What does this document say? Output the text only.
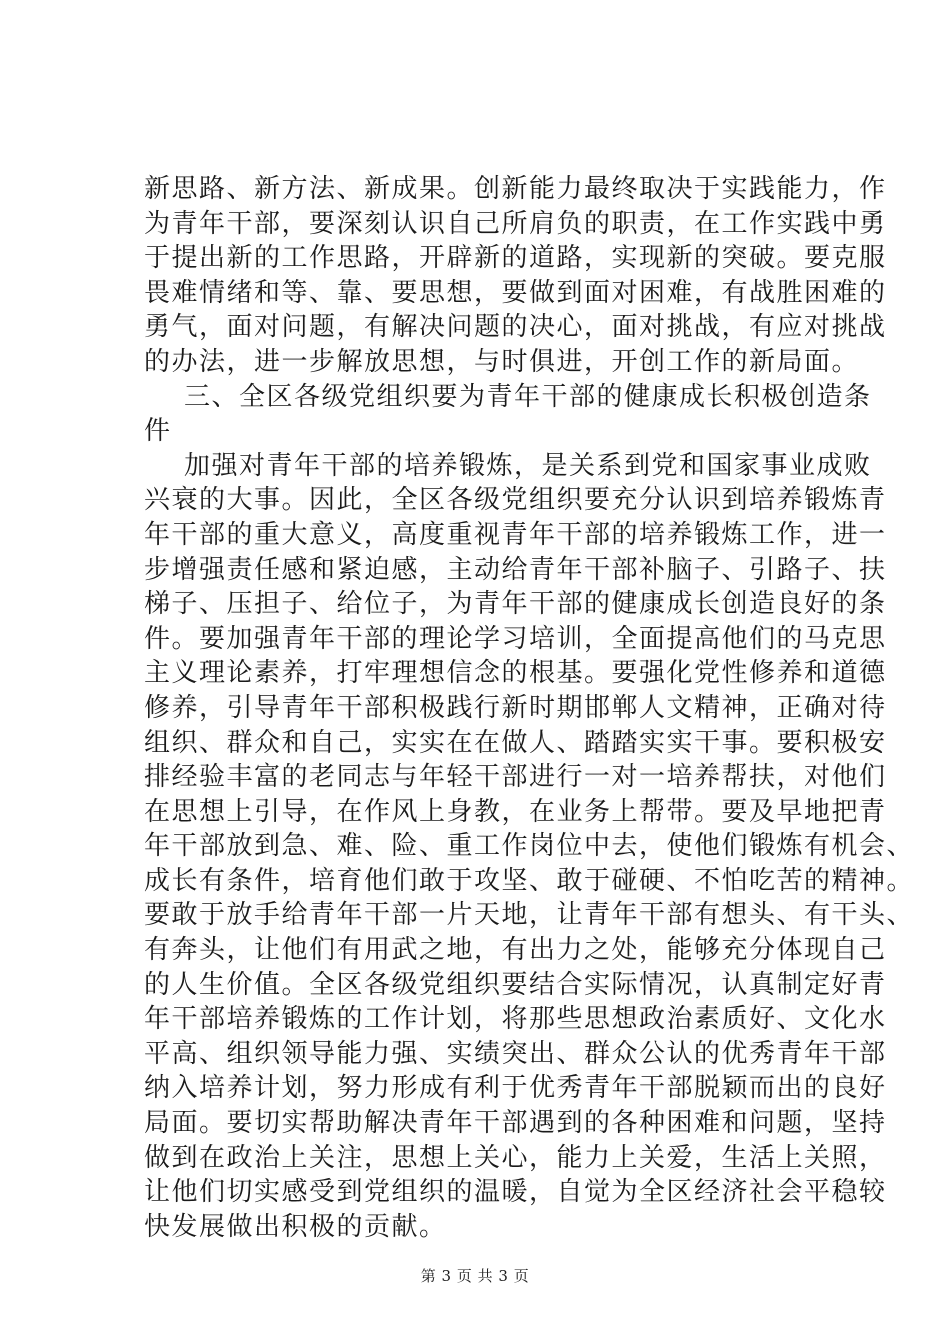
新思路、新方法、新成果。创新能力最终取决于实践能力，作
为青年干部，要深刻认识自己所肩负的职责，在工作实践中勇
于提出新的工作思路，开辟新的道路，实现新的突破。要克服
畏难情绪和等、靠、要思想，要做到面对困难，有战胜困难的
勇气，面对问题，有解决问题的决心，面对挑战，有应对挑战
的办法，进一步解放思想，与时俱进，开创工作的新局面。
三、全区各级党组织要为青年干部的健康成长积极创造条
件
加强对青年干部的培养锻炼，是关系到党和国家事业成败
兴衰的大事。因此，全区各级党组织要充分认识到培养锻炼青
年干部的重大意义，高度重视青年干部的培养锻炼工作，进一
步增强责任感和紧迫感，主动给青年干部补脑子、引路子、扶
梯子、压担子、给位子，为青年干部的健康成长创造良好的条
件。要加强青年干部的理论学习培训，全面提高他们的马克思
主义理论素养，打牢理想信念的根基。要强化党性修养和道德
修养，引导青年干部积极践行新时期邯郸人文精神，正确对待
组织、群众和自己，实实在在做人、踏踏实实干事。要积极安
排经验丰富的老同志与年轻干部进行一对一培养帮扶，对他们
在思想上引导，在作风上身教，在业务上帮带。要及早地把青
年干部放到急、难、险、重工作岗位中去，使他们锻炼有机会、
成长有条件，培育他们敢于攻坚、敢于碰硬、不怕吃苦的精神。
要敢于放手给青年干部一片天地，让青年干部有想头、有干头、
有奔头，让他们有用武之地，有出力之处，能够充分体现自己
的人生价值。全区各级党组织要结合实际情况，认真制定好青
年干部培养锻炼的工作计划，将那些思想政治素质好、文化水
平高、组织领导能力强、实绩突出、群众公认的优秀青年干部
纳入培养计划，努力形成有利于优秀青年干部脱颖而出的良好
局面。要切实帮助解决青年干部遇到的各种困难和问题，坚持
做到在政治上关注，思想上关心，能力上关爱，生活上关照，
让他们切实感受到党组织的温暖，自觉为全区经济社会平稳较
快发展做出积极的贡献。
第 3 页 共 3 页
